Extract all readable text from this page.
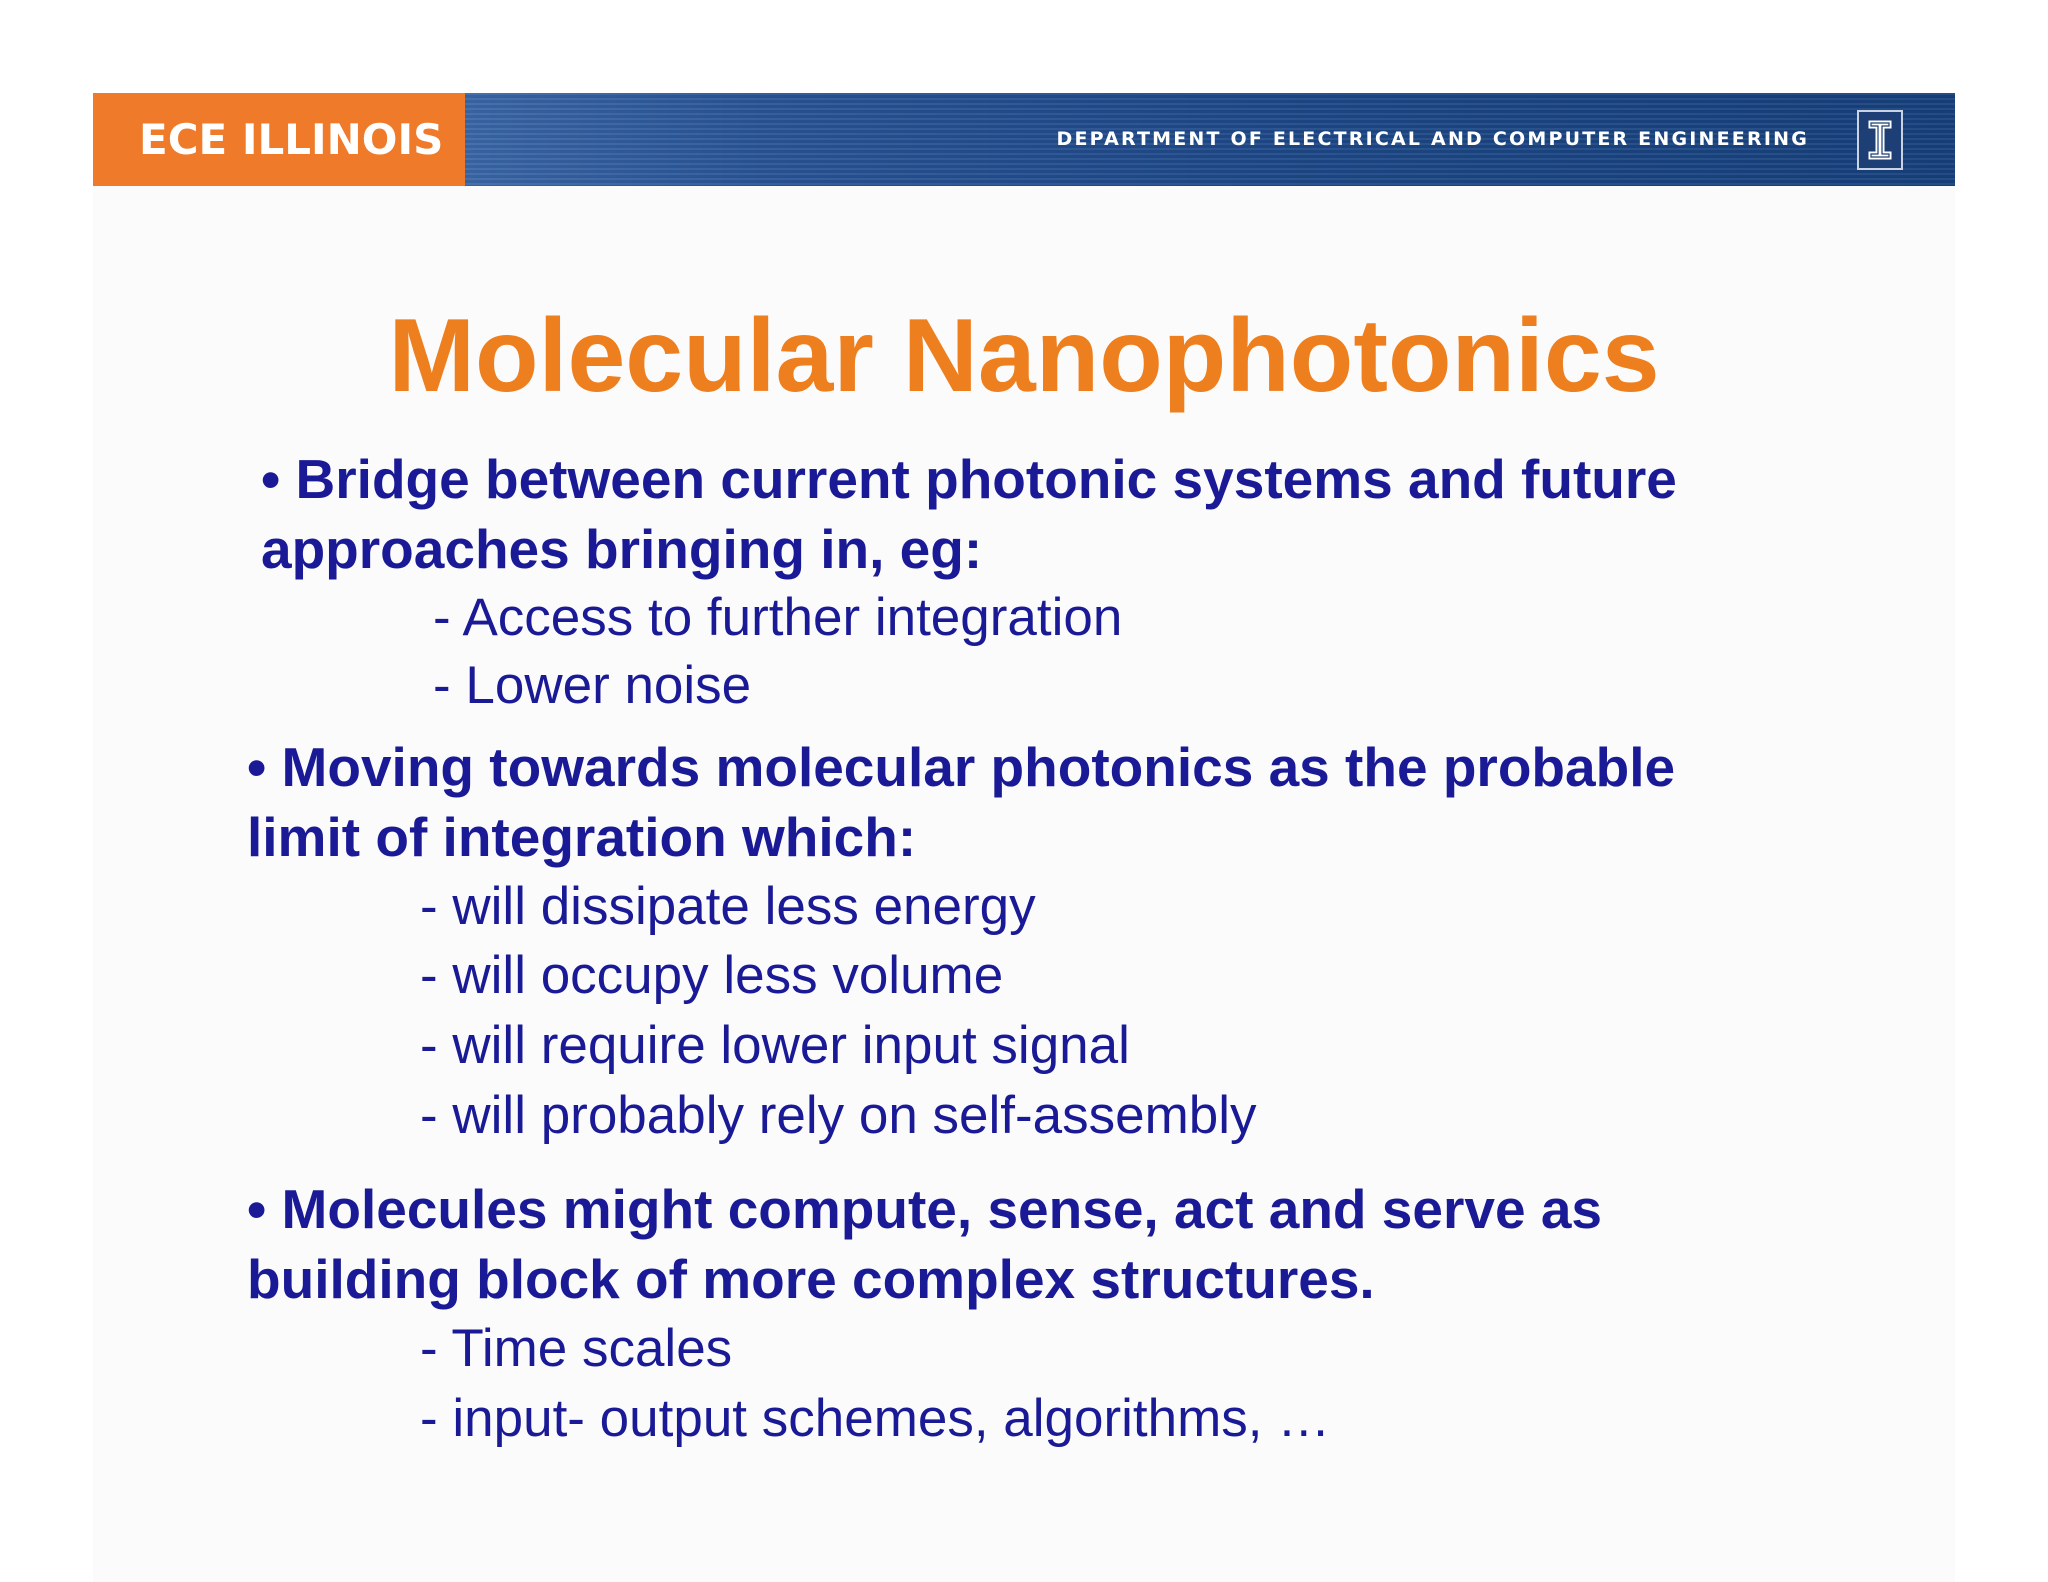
ECE ILLINOIS	DEPARTMENT OF ELECTRICAL AND COMPUTER ENGINEERING
Molecular Nanophotonics
• Bridge between current photonic systems and future
approaches bringing in, eg:
- Access to further integration
- Lower noise
• Moving towards molecular photonics as the probable
limit of integration which:
- will dissipate less energy
- will occupy less volume
- will require lower input signal
- will probably rely on self-assembly
• Molecules might compute, sense, act and serve as
building block of more complex structures.
- Time scales
- input- output schemes, algorithms, …
